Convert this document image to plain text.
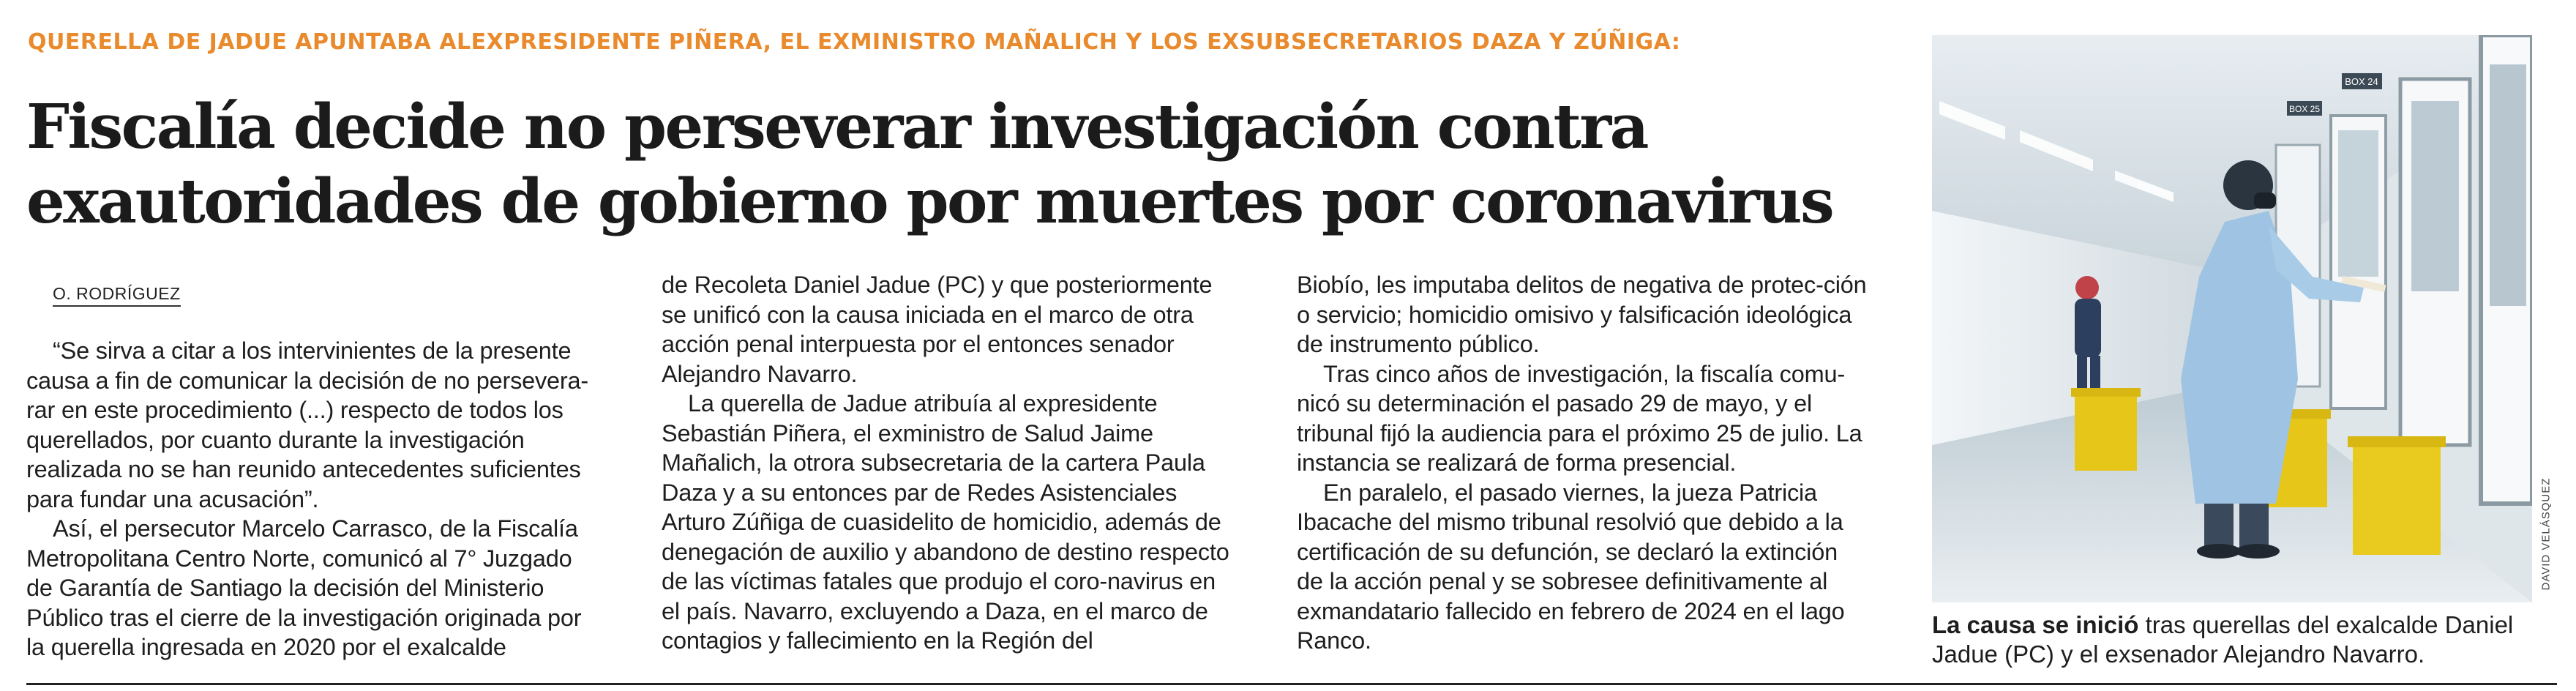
QUERELLA DE JADUE APUNTABA ALEXPRESIDENTE PIÑERA, EL EXMINISTRO MAÑALICH Y LOS EXSUBSECRETARIOS DAZA Y ZÚÑIGA:
Fiscalía decide no perseverar investigación contra
exautoridades de gobierno por muertes por coronavirus
O. RODRÍGUEZ

“Se sirva a citar a los intervinientes de la presente causa a fin de comunicar la decisión de no persevera-rar en este procedimiento (...) respecto de todos los querellados, por cuanto durante la investigación realizada no se han reunido antecedentes suficientes para fundar una acusación”.

Así, el persecutor Marcelo Carrasco, de la Fiscalía Metropolitana Centro Norte, comunicó al 7° Juzgado de Garantía de Santiago la decisión del Ministerio Público tras el cierre de la investigación originada por la querella ingresada en 2020 por el exalcalde

de Recoleta Daniel Jadue (PC) y que posteriormente se unificó con la causa iniciada en el marco de otra acción penal interpuesta por el entonces senador Alejandro Navarro.

La querella de Jadue atribuía al expresidente Sebastián Piñera, el exministro de Salud Jaime Mañalich, la otrora subsecretaria de la cartera Paula Daza y a su entonces par de Redes Asistenciales Arturo Zúñiga de cuasidelito de homicidio, además de denegación de auxilio y abandono de destino respecto de las víctimas fatales que produjo el coro-navirus en el país. Navarro, excluyendo a Daza, en el marco de contagios y fallecimiento en la Región del

Biobío, les imputaba delitos de negativa de protec-ción o servicio; homicidio omisivo y falsificación ideológica de instrumento público.

Tras cinco años de investigación, la fiscalía comu-nicó su determinación el pasado 29 de mayo, y el tribunal fijó la audiencia para el próximo 25 de julio. La instancia se realizará de forma presencial.

En paralelo, el pasado viernes, la jueza Patricia Ibacache del mismo tribunal resolvió que debido a la certificación de su defunción, se declaró la extinción de la acción penal y se sobresee definitivamente al exmandatario fallecido en febrero de 2024 en el lago Ranco.

BOX 25
BOX 24
DAVID VELÁSQUEZ
La causa se inició tras querellas del exalcalde Daniel Jadue (PC) y el exsenador Alejandro Navarro.
